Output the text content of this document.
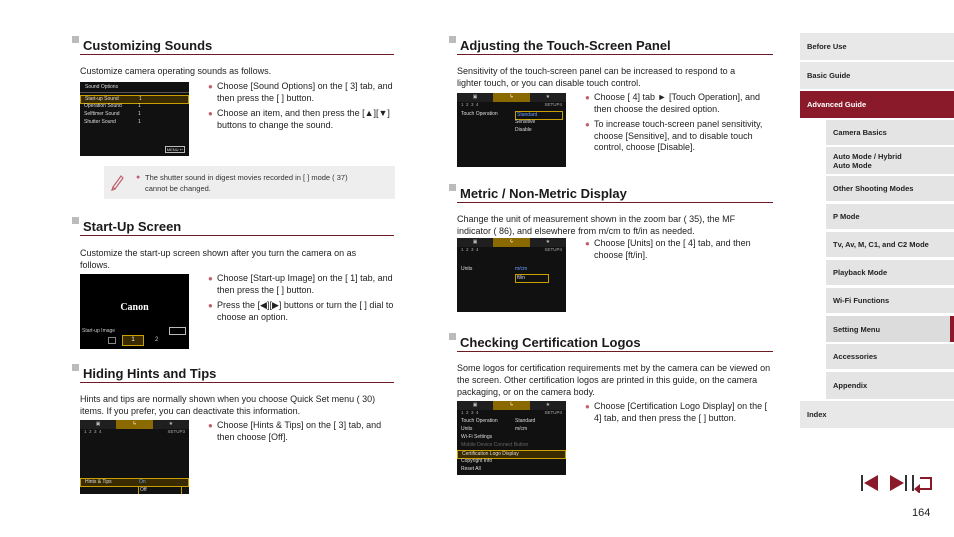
Customizing Sounds
Customize camera operating sounds as follows.
Sound Options
Start-up Sound	1
Operation Sound	1
Selftimer Sound	1
Shutter Sound	1
MENU ↩
● Choose [Sound Options] on the [ 3] tab, and then press the [ ] button.
● Choose an item, and then press the [▲][▼] buttons to change the sound.
● The shutter sound in digest movies recorded in [ ] mode ( 37) cannot be changed.
Start-Up Screen
Customize the start-up screen shown after you turn the camera on as follows.
Canon
Start-up Image
1	2
● Choose [Start-up Image] on the [ 1] tab, and then press the [ ] button.
● Press the [◀][▶] buttons or turn the [ ] dial to choose an option.
Hiding Hints and Tips
Hints and tips are normally shown when you choose Quick Set menu ( 30) items. If you prefer, you can deactivate this information.
▣	ϟ	★
1  2  3  4	SETUP3
Hints & Tips	On
Off
● Choose [Hints & Tips] on the [ 3] tab, and then choose [Off].
Adjusting the Touch-Screen Panel
Sensitivity of the touch-screen panel can be increased to respond to a lighter touch, or you can disable touch control.
▣	ϟ	★
1  2  3  4	SETUP4
Touch Operation	Standard
Sensitive
Disable
● Choose [ 4] tab ► [Touch Operation], and then choose the desired option.
● To increase touch-screen panel sensitivity, choose [Sensitive], and to disable touch control, choose [Disable].
Metric / Non-Metric Display
Change the unit of measurement shown in the zoom bar ( 35), the MF indicator ( 86), and elsewhere from m/cm to ft/in as needed.
▣	ϟ	★
1  2  3  4	SETUP4
Units	m/cm
ft/in
● Choose [Units] on the [ 4] tab, and then choose [ft/in].
Checking Certification Logos
Some logos for certification requirements met by the camera can be viewed on the screen. Other certification logos are printed in this guide, on the camera packaging, or on the camera body.
▣	ϟ	★
1  2  3  4	SETUP4
Touch Operation	Standard
Units	m/cm
Wi-Fi Settings
Mobile Device Connect Button
Certification Logo Display
Copyright Info
Reset All
● Choose [Certification Logo Display] on the [ 4] tab, and then press the [ ] button.
Before Use
Basic Guide
Advanced Guide
Camera Basics
Auto Mode / Hybrid Auto Mode
Other Shooting Modes
P Mode
Tv, Av, M, C1, and C2 Mode
Playback Mode
Wi-Fi Functions
Setting Menu
Accessories
Appendix
Index
164
